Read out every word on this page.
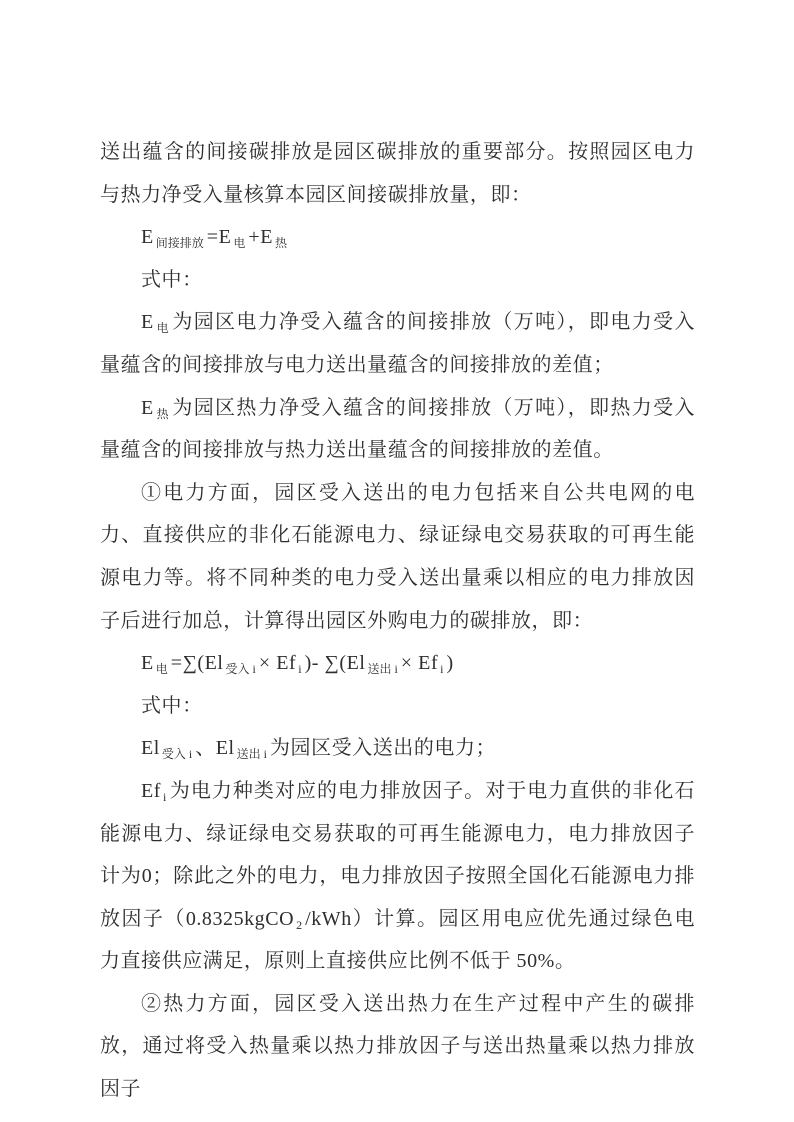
送出蕴含的间接碳排放是园区碳排放的重要部分。按照园区电力与热力净受入量核算本园区间接碳排放量，即：

E $_{间接排放}$ =E $_电$ +E $_热$

式中：

E $_电$ 为园区电力净受入蕴含的间接排放（万吨），即电力受入量蕴含的间接排放与电力送出量蕴含的间接排放的差值；

E $_热$ 为园区热力净受入蕴含的间接排放（万吨），即热力受入量蕴含的间接排放与热力送出量蕴含的间接排放的差值。

①电力方面，园区受入送出的电力包括来自公共电网的电力、直接供应的非化石能源电力、绿证绿电交易获取的可再生能源电力等。将不同种类的电力受入送出量乘以相应的电力排放因子后进行加总，计算得出园区外购电力的碳排放，即：

E $_电$ =∑(El $_{受入 i}$ × Ef $_i$ )- ∑(El $_{送出 i}$ × Ef $_i$ )

式中：

El $_{受入 i}$ 、El $_{送出 i}$ 为园区受入送出的电力；

Ef $_i$ 为电力种类对应的电力排放因子。对于电力直供的非化石能源电力、绿证绿电交易获取的可再生能源电力，电力排放因子计为0；除此之外的电力，电力排放因子按照全国化石能源电力排放因子（0.8325kgCO $_2$ /kWh）计算。园区用电应优先通过绿色电力直接供应满足，原则上直接供应比例不低于 50%。

②热力方面，园区受入送出热力在生产过程中产生的碳排放，通过将受入热量乘以热力排放因子与送出热量乘以热力排放因子
